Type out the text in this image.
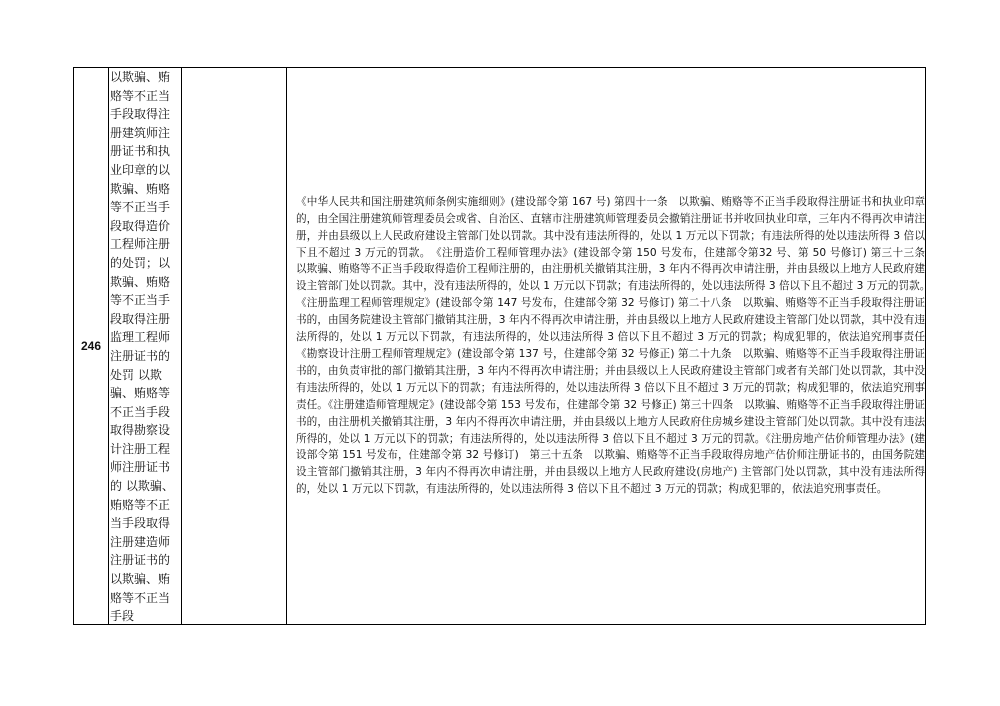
246
以欺骗、贿赂等不正当手段取得注册建筑师注册证书和执业印章的以欺骗、贿赂等不正当手段取得造价工程师注册的处罚；以欺骗、贿赂等不正当手段取得注册监理工程师注册证书的处罚 以欺骗、贿赂等不正当手段取得勘察设计注册工程师注册证书的 以欺骗、贿赂等不正当手段取得注册建造师注册证书的 以欺骗、贿赂等不正当手段

《中华人民共和国注册建筑师条例实施细则》(建设部令第 167 号) 第四十一条　以欺骗、贿赂等不正当手段取得注册证书和执业印章的，由全国注册建筑师管理委员会或省、自治区、直辖市注册建筑师管理委员会撤销注册证书并收回执业印章，三年内不得再次申请注册，并由县级以上人民政府建设主管部门处以罚款。其中没有违法所得的，处以 1 万元以下罚款；有违法所得的处以违法所得 3 倍以下且不超过 3 万元的罚款。　《注册造价工程师管理办法》(建设部令第 150 号发布，住建部令第32 号、第 50 号修订) 第三十三条　以欺骗、贿赂等不正当手段取得造价工程师注册的，由注册机关撤销其注册，3 年内不得再次申请注册，并由县级以上地方人民政府建设主管部门处以罚款。其中，没有违法所得的，处以 1 万元以下罚款；有违法所得的，处以违法所得 3 倍以下且不超过 3 万元的罚款。　《注册监理工程师管理规定》(建设部令第 147 号发布，住建部令第 32 号修订) 第二十八条　以欺骗、贿赂等不正当手段取得注册证书的，由国务院建设主管部门撤销其注册，3 年内不得再次申请注册，并由县级以上地方人民政府建设主管部门处以罚款，其中没有违法所得的，处以 1 万元以下罚款，有违法所得的，处以违法所得 3 倍以下且不超过 3 万元的罚款；构成犯罪的，依法追究刑事责任　《勘察设计注册工程师管理规定》(建设部令第 137 号，住建部令第 32 号修正) 第二十九条　以欺骗、贿赂等不正当手段取得注册证书的，由负责审批的部门撤销其注册，3 年内不得再次申请注册；并由县级以上人民政府建设主管部门或者有关部门处以罚款，其中没有违法所得的，处以 1 万元以下的罚款；有违法所得的，处以违法所得 3 倍以下且不超过 3 万元的罚款；构成犯罪的，依法追究刑事责任。《注册建造师管理规定》(建设部令第 153 号发布，住建部令第 32 号修正) 第三十四条　以欺骗、贿赂等不正当手段取得注册证书的，由注册机关撤销其注册，3 年内不得再次申请注册，并由县级以上地方人民政府住房城乡建设主管部门处以罚款。其中没有违法所得的，处以 1 万元以下的罚款；有违法所得的，处以违法所得 3 倍以下且不超过 3 万元的罚款。《注册房地产估价师管理办法》(建设部令第 151 号发布，住建部令第 32 号修订)　第三十五条　以欺骗、贿赂等不正当手段取得房地产估价师注册证书的，由国务院建设主管部门撤销其注册，3 年内不得再次申请注册，并由县级以上地方人民政府建设(房地产) 主管部门处以罚款，其中没有违法所得的，处以 1 万元以下罚款，有违法所得的，处以违法所得 3 倍以下且不超过 3 万元的罚款；构成犯罪的，依法追究刑事责任。
